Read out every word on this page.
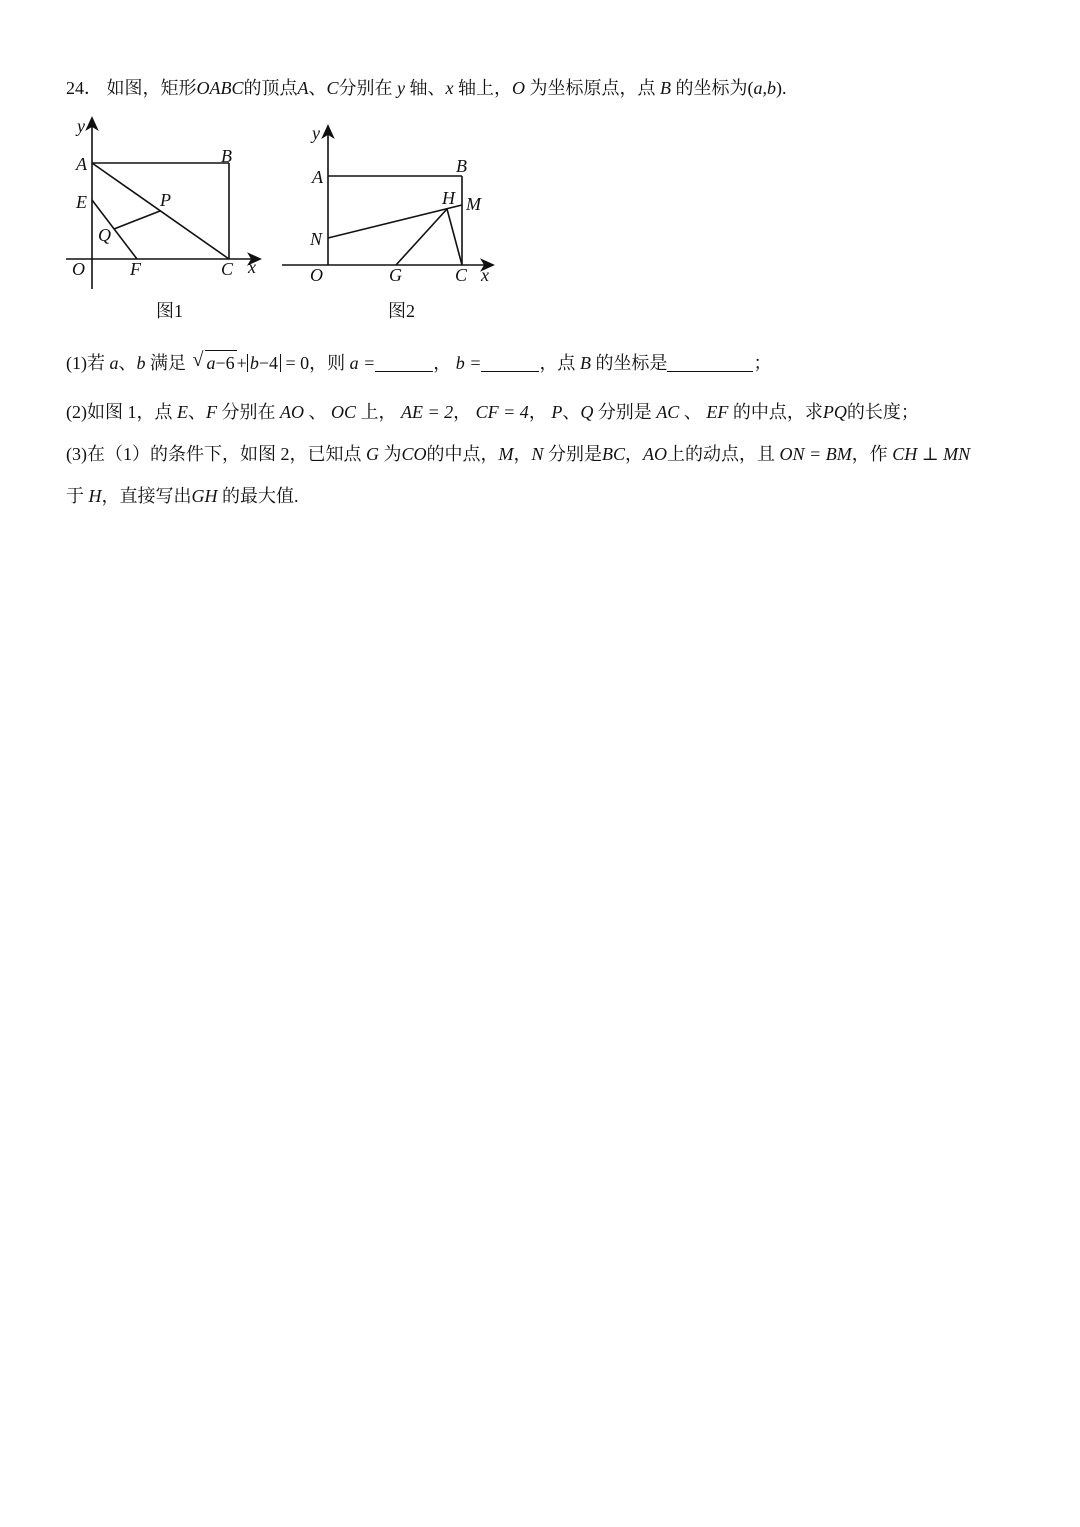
24． 如图，矩形OABC的顶点A、C分别在 y 轴、x 轴上，O 为坐标原点，点 B 的坐标为(a,b).
y
A	B
E	P
Q
O	F	C x
图1
y
A
B
H M
N
O	G	C x
图2
(1)若 a、b 满足 √ a−6 + b−4 = 0，则 a =	， b =	，点 B 的坐标是	；
(2)如图 1，点 E、F 分别在 AO 、 OC 上， AE = 2， CF = 4， P、Q 分别是 AC 、 EF 的中点，求PQ的长度；
(3)在（1）的条件下，如图 2，已知点 G 为CO的中点，M，N 分别是BC，AO上的动点，且 ON = BM，作 CH ⊥ MN
于 H，直接写出GH 的最大值.
